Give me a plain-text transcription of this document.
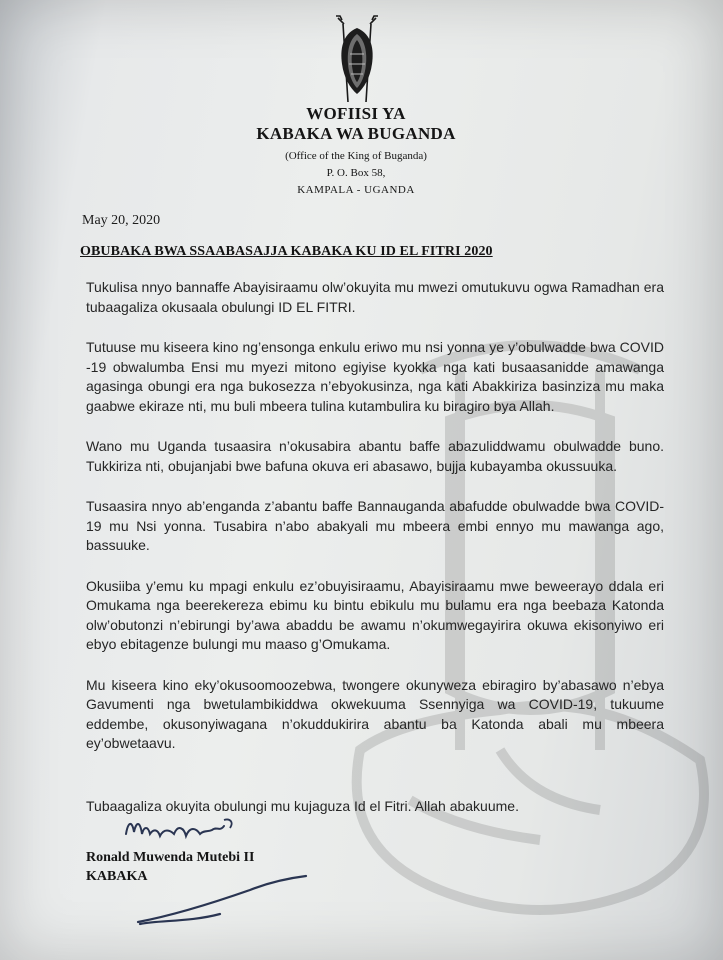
WOFIISI YA
KABAKA WA BUGANDA
(Office of the King of Buganda)
P. O. Box 58,
KAMPALA - UGANDA
May 20, 2020
OBUBAKA BWA SSAABASAJJA KABAKA KU ID EL FITRI 2020

Tukulisa nnyo bannaffe Abayisiraamu olw’okuyita mu mwezi omutukuvu ogwa Ramadhan era tubaagaliza okusaala obulungi ID EL FITRI.

Tutuuse mu kiseera kino ng’ensonga enkulu eriwo mu nsi yonna ye y’obulwadde bwa COVID -19 obwalumba Ensi mu myezi mitono egiyise kyokka nga kati busaasanidde amawanga agasinga obungi era nga bukosezza n’ebyokusinza, nga kati Abakkiriza basinziza mu maka gaabwe ekiraze nti, mu buli mbeera tulina kutambulira ku biragiro bya Allah.

Wano mu Uganda tusaasira n’okusabira abantu baffe abazuliddwamu obulwadde buno. Tukkiriza nti, obujanjabi bwe bafuna okuva eri abasawo, bujja kubayamba okussuuka.

Tusaasira nnyo ab’enganda z’abantu baffe Bannauganda abafudde obulwadde bwa COVID-19 mu Nsi yonna. Tusabira n’abo abakyali mu mbeera embi ennyo mu mawanga ago, bassuuke.

Okusiiba y’emu ku mpagi enkulu ez’obuyisiraamu, Abayisiraamu mwe beweerayo ddala eri Omukama nga beerekereza ebimu ku bintu ebikulu mu bulamu era nga beebaza Katonda olw’obutonzi n’ebirungi by’awa abaddu be awamu n’okumwegayirira okuwa ekisonyiwo eri ebyo ebitagenze bulungi mu maaso g’Omukama.

Mu kiseera kino eky’okusoomoozebwa, twongere okunyweza ebiragiro by’abasawo n’ebya Gavumenti nga bwetulambikiddwa okwekuuma Ssennyiga wa COVID-19, tukuume eddembe, okusonyiwagana n’okuddukirira abantu ba Katonda abali mu mbeera ey’obwetaavu.

Tubaagaliza okuyita obulungi mu kujaguza Id el Fitri. Allah abakuume.
Ronald Muwenda Mutebi II
KABAKA
